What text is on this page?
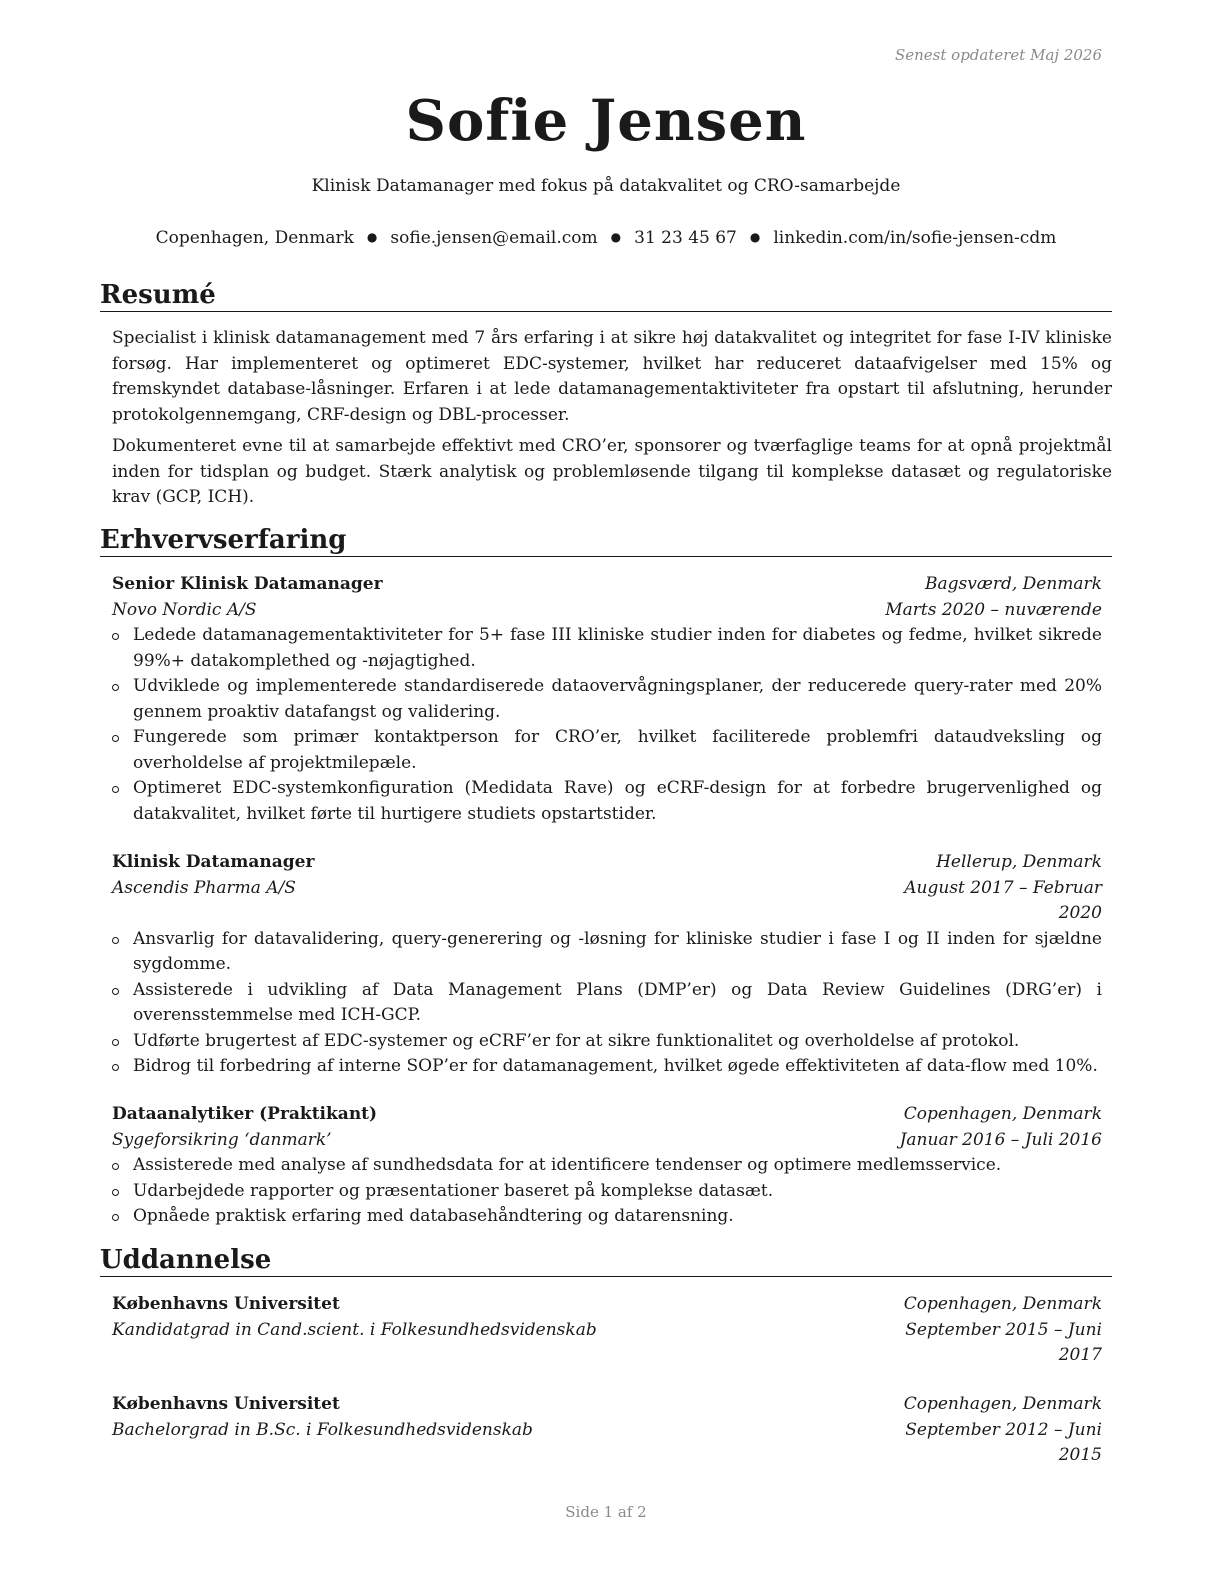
Senest opdateret Maj 2026
Sofie Jensen
Klinisk Datamanager med fokus på datakvalitet og CRO-samarbejde
Copenhagen, Denmark ● sofie.jensen@email.com ● 31 23 45 67 ● linkedin.com/in/sofie-jensen-cdm
Resumé

Specialist i klinisk datamanagement med 7 års erfaring i at sikre høj datakvalitet og integritet for fase I-IV kliniske forsøg. Har implementeret og optimeret EDC-systemer, hvilket har reduceret dataafvigelser med 15% og fremskyndet database-låsninger. Erfaren i at lede datamanagementaktiviteter fra opstart til afslutning, herunder protokolgennemgang, CRF-design og DBL-processer.

Dokumenteret evne til at samarbejde effektivt med CRO’er, sponsorer og tværfaglige teams for at opnå projektmål inden for tidsplan og budget. Stærk analytisk og problemløsende tilgang til komplekse datasæt og regulatoriske krav (GCP, ICH).

Erhvervserfaring
Senior Klinisk Datamanager	Bagsværd, Denmark
Novo Nordic A/S	Marts 2020 – nuværende
Ledede datamanagementaktiviteter for 5+ fase III kliniske studier inden for diabetes og fedme, hvilket sikrede 99%+ datakomplethed og -nøjagtighed.
Udviklede og implementerede standardiserede dataovervågningsplaner, der reducerede query-rater med 20% gennem proaktiv datafangst og validering.
Fungerede som primær kontaktperson for CRO’er, hvilket faciliterede problemfri dataudveksling og overholdelse af projektmilepæle.
Optimeret EDC-systemkonfiguration (Medidata Rave) og eCRF-design for at forbedre brugervenlighed og datakvalitet, hvilket førte til hurtigere studiets opstartstider.
Klinisk Datamanager	Hellerup, Denmark
Ascendis Pharma A/S	August 2017 – Februar 2020
Ansvarlig for datavalidering, query-generering og -løsning for kliniske studier i fase I og II inden for sjældne sygdomme.
Assisterede i udvikling af Data Management Plans (DMP’er) og Data Review Guidelines (DRG’er) i overensstemmelse med ICH-GCP.
Udførte brugertest af EDC-systemer og eCRF’er for at sikre funktionalitet og overholdelse af protokol.
Bidrog til forbedring af interne SOP’er for datamanagement, hvilket øgede effektiviteten af data-flow med 10%.
Dataanalytiker (Praktikant)	Copenhagen, Denmark
Sygeforsikring ‘danmark’	Januar 2016 – Juli 2016
Assisterede med analyse af sundhedsdata for at identificere tendenser og optimere medlemsservice.
Udarbejdede rapporter og præsentationer baseret på komplekse datasæt.
Opnåede praktisk erfaring med databasehåndtering og datarensning.
Uddannelse
Københavns Universitet	Copenhagen, Denmark
Kandidatgrad in Cand.scient. i Folkesundhedsvidenskab	September 2015 – Juni 2017
Københavns Universitet	Copenhagen, Denmark
Bachelorgrad in B.Sc. i Folkesundhedsvidenskab	September 2012 – Juni 2015
Side 1 af 2
